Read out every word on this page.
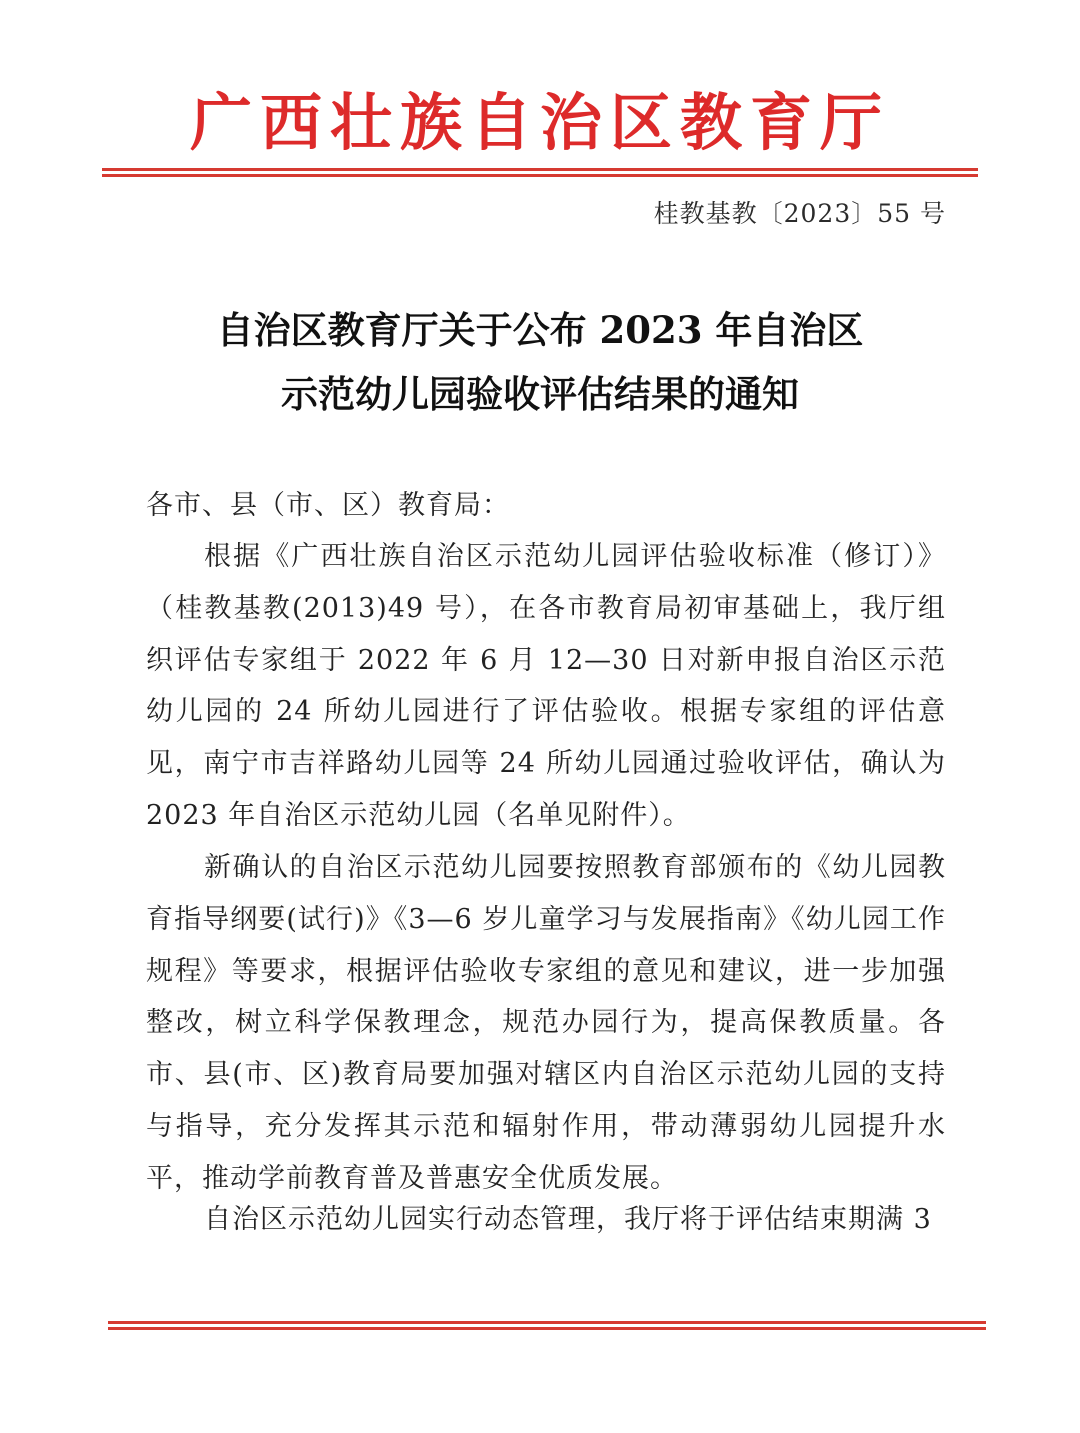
广西壮族自治区教育厅
桂教基教〔2023〕55 号
自治区教育厅关于公布 2023 年自治区
示范幼儿园验收评估结果的通知

各市、县（市、区）教育局：

根据《广西壮族自治区示范幼儿园评估验收标准（修订）》（桂教基教(2013)49 号），在各市教育局初审基础上，我厅组织评估专家组于 2022 年 6 月 12—30 日对新申报自治区示范幼儿园的 24 所幼儿园进行了评估验收。根据专家组的评估意见，南宁市吉祥路幼儿园等 24 所幼儿园通过验收评估，确认为 2023 年自治区示范幼儿园（名单见附件）。

新确认的自治区示范幼儿园要按照教育部颁布的《幼儿园教育指导纲要(试行)》《3—6 岁儿童学习与发展指南》《幼儿园工作规程》等要求，根据评估验收专家组的意见和建议，进一步加强整改，树立科学保教理念，规范办园行为，提高保教质量。各市、县(市、区)教育局要加强对辖区内自治区示范幼儿园的支持与指导，充分发挥其示范和辐射作用，带动薄弱幼儿园提升水平，推动学前教育普及普惠安全优质发展。

自治区示范幼儿园实行动态管理，我厅将于评估结束期满 3
